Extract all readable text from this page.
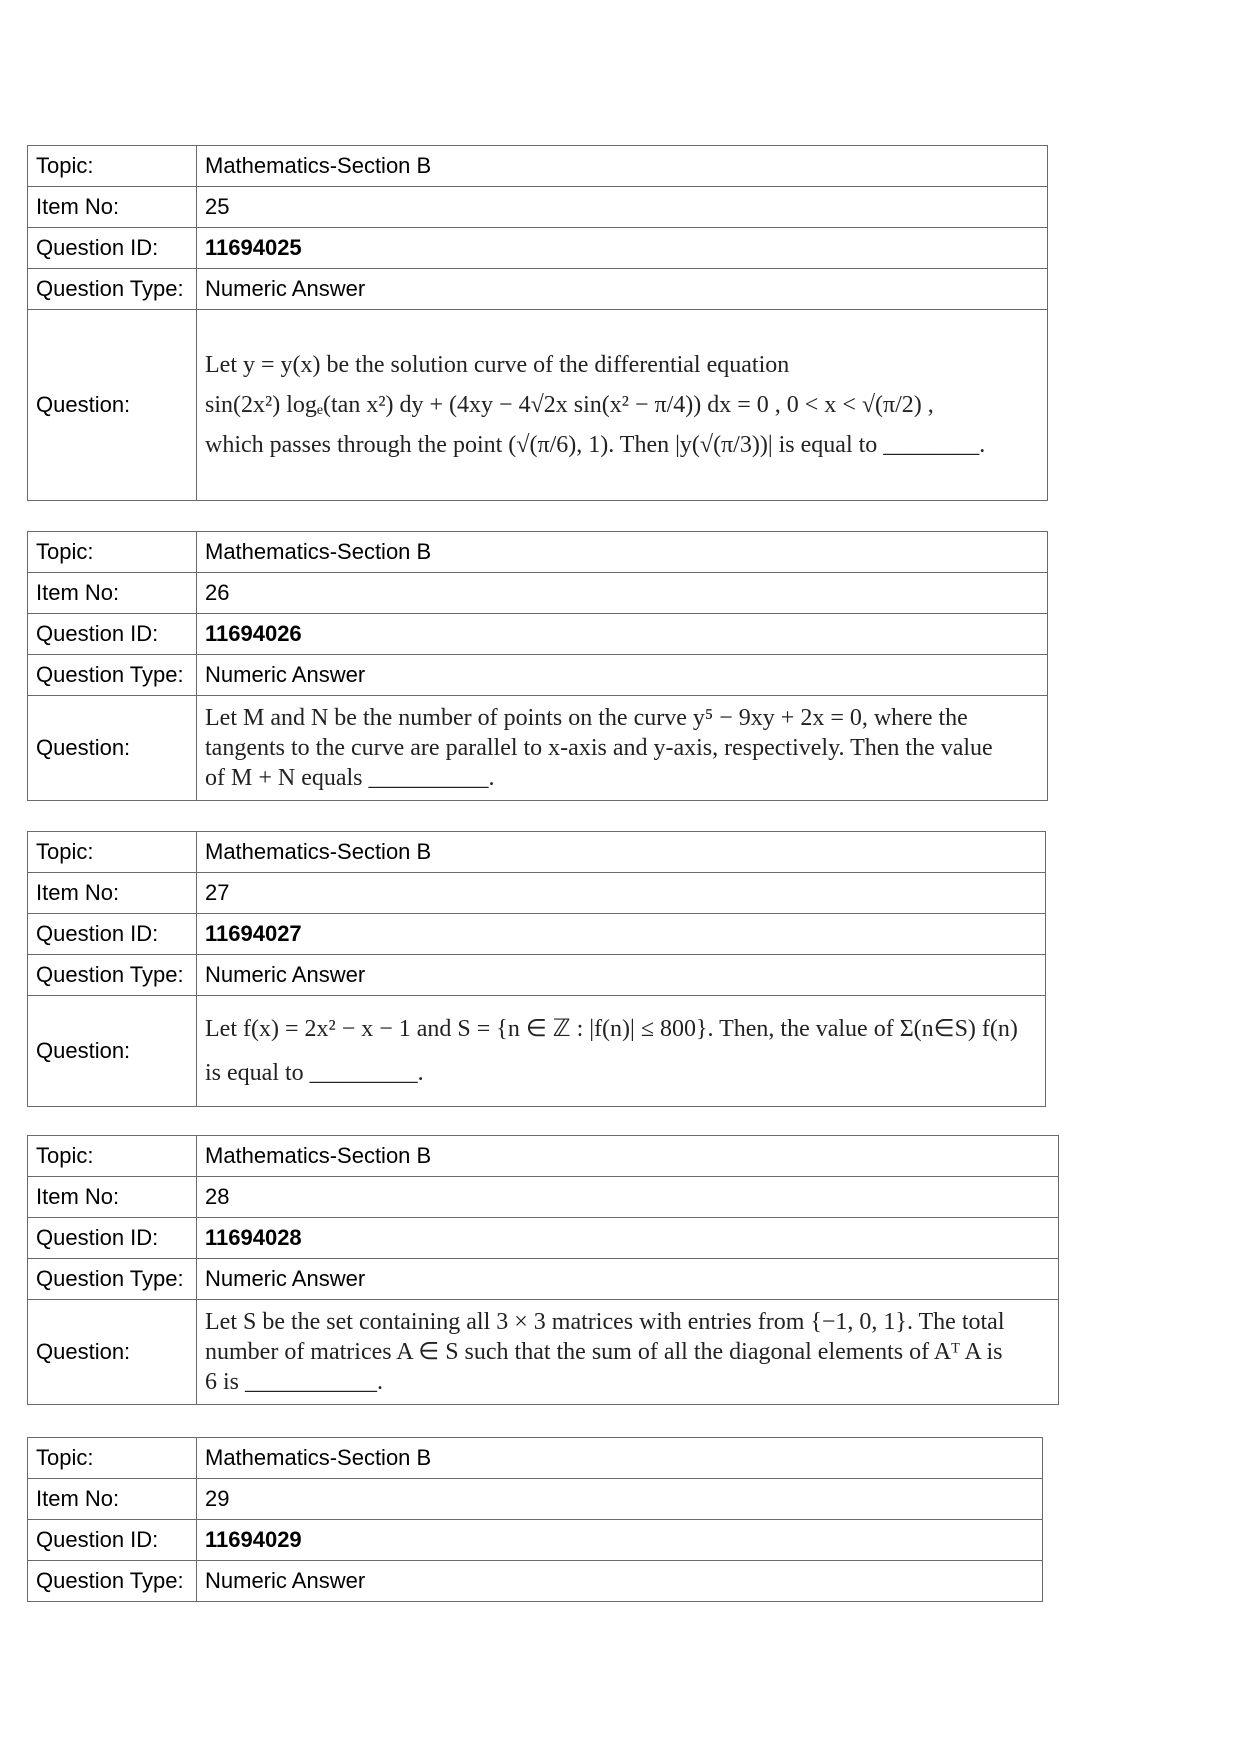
Topic:	Mathematics-Section B
Item No:	25
Question ID:	11694025
Question Type:	Numeric Answer
Question:	Let y = y(x) be the solution curve of the differential equation
sin(2x²) logₑ(tan x²) dy + (4xy − 4√2x sin(x² − π/4)) dx = 0 , 0 < x < √(π/2) ,
which passes through the point (√(π/6), 1). Then |y(√(π/3))| is equal to ________.
Topic:	Mathematics-Section B
Item No:	26
Question ID:	11694026
Question Type:	Numeric Answer
Question:	Let M and N be the number of points on the curve y⁵ − 9xy + 2x = 0, where the
tangents to the curve are parallel to x-axis and y-axis, respectively. Then the value
of M + N equals __________.
Topic:	Mathematics-Section B
Item No:	27
Question ID:	11694027
Question Type:	Numeric Answer
Question:	Let f(x) = 2x² − x − 1 and S = {n ∈ ℤ : |f(n)| ≤ 800}. Then, the value of Σ(n∈S) f(n)
is equal to _________.
Topic:	Mathematics-Section B
Item No:	28
Question ID:	11694028
Question Type:	Numeric Answer
Question:	Let S be the set containing all 3 × 3 matrices with entries from {−1, 0, 1}. The total
number of matrices A ∈ S such that the sum of all the diagonal elements of Aᵀ A is
6 is ___________.
Topic:	Mathematics-Section B
Item No:	29
Question ID:	11694029
Question Type:	Numeric Answer
